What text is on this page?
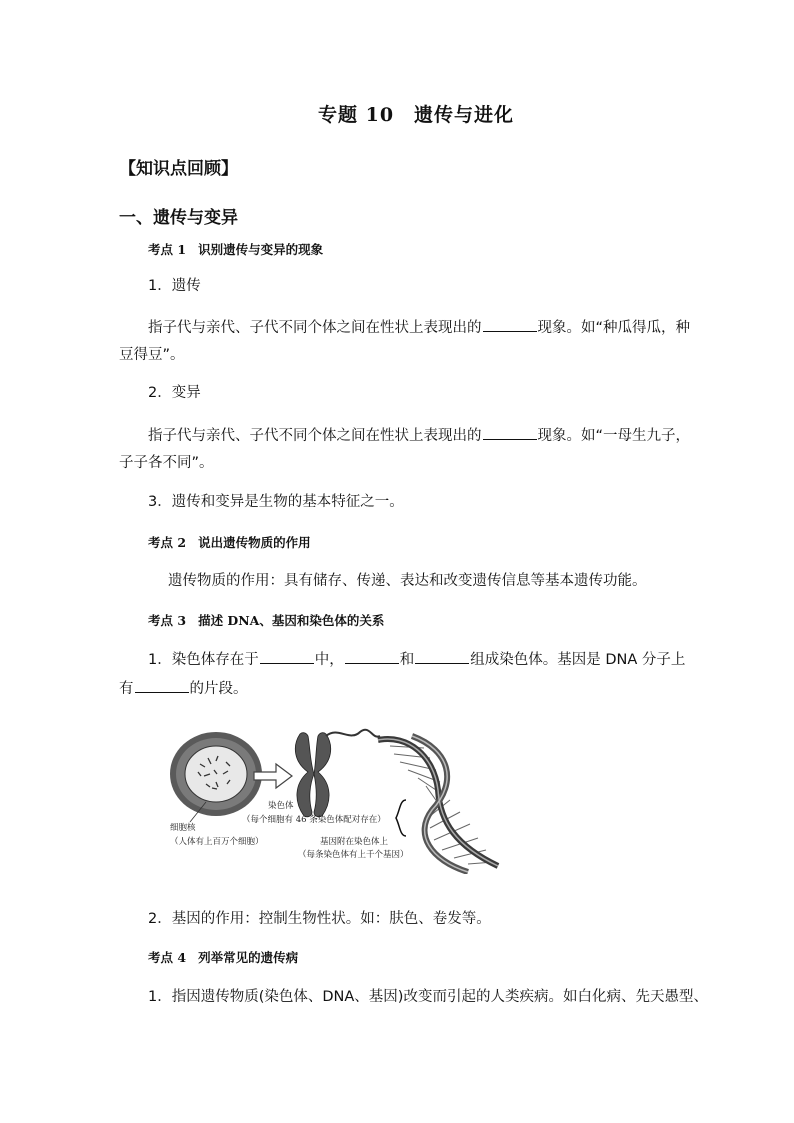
专题 10　遗传与进化
【知识点回顾】
一、遗传与变异
考点 1 识别遗传与变异的现象
1．遗传
指子代与亲代、子代不同个体之间在性状上表现出的	现象。如“种瓜得瓜，种
豆得豆”。
2．变异
指子代与亲代、子代不同个体之间在性状上表现出的	现象。如“一母生九子，
子子各不同”。
3．遗传和变异是生物的基本特征之一。
考点 2 说出遗传物质的作用
遗传物质的作用：具有储存、传递、表达和改变遗传信息等基本遗传功能。
考点 3 描述 DNA、基因和染色体的关系
1．染色体存在于	中，	和	组成染色体。基因是 DNA 分子上
有	的片段。
细胞核
（人体有上百万个细胞）
染色体
（每个细胞有 46 条染色体配对存在）
基因附在染色体上
（每条染色体有上千个基因）
2．基因的作用：控制生物性状。如：肤色、卷发等。
考点 4 列举常见的遗传病
1．指因遗传物质(染色体、DNA、基因)改变而引起的人类疾病。如白化病、先天愚型、
